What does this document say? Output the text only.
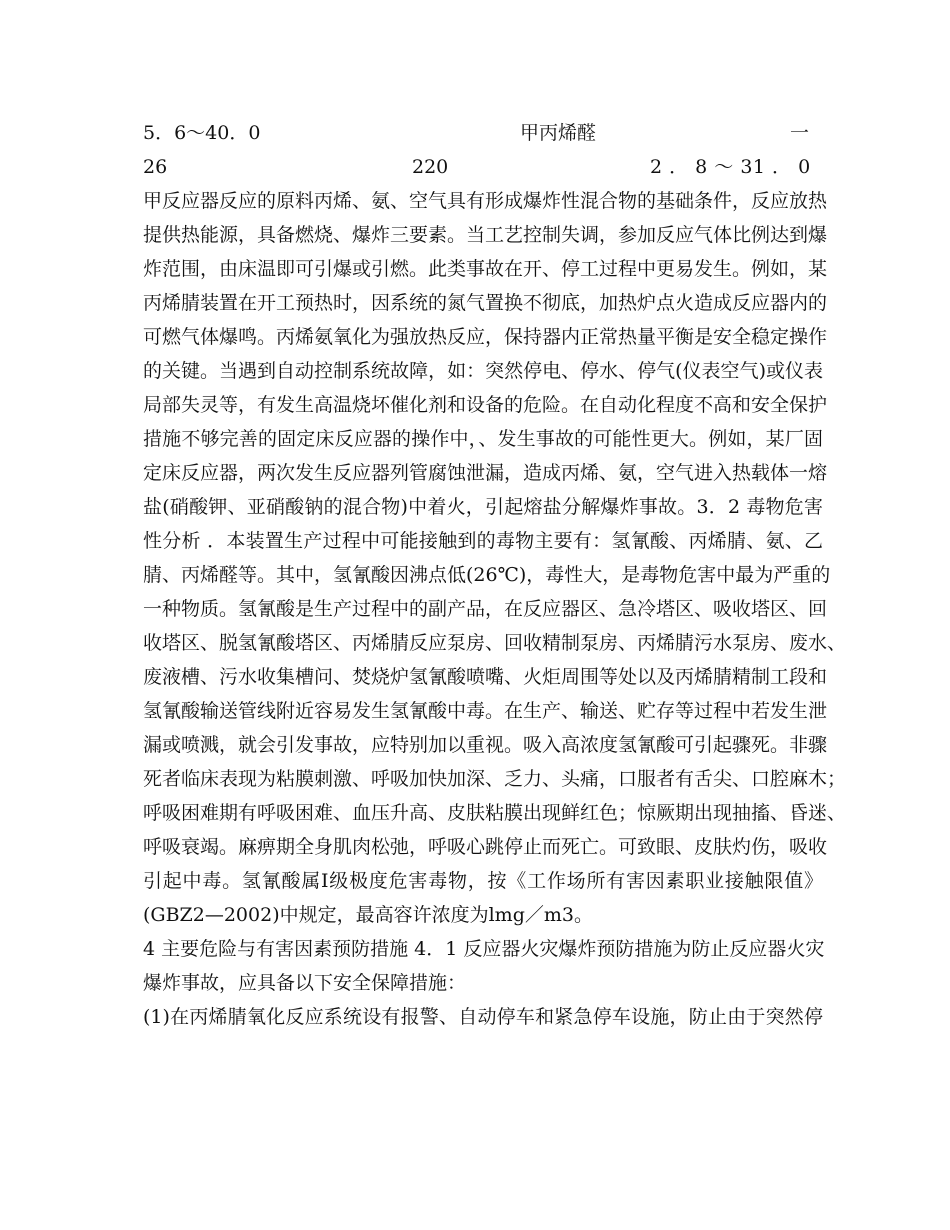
5．6～40．0	甲丙烯醛	一
26	220	2 ． 8 ～ 31 ． 0
甲反应器反应的原料丙烯、氨、空气具有形成爆炸性混合物的基础条件，反应放热
提供热能源，具备燃烧、爆炸三要素。当工艺控制失调，参加反应气体比例达到爆
炸范围，由床温即可引爆或引燃。此类事故在开、停工过程中更易发生。例如，某
丙烯腈装置在开工预热时，因系统的氮气置换不彻底，加热炉点火造成反应器内的
可燃气体爆鸣。丙烯氨氧化为强放热反应，保持器内正常热量平衡是安全稳定操作
的关键。当遇到自动控制系统故障，如：突然停电、停水、停气(仪表空气)或仪表
局部失灵等，有发生高温烧坏催化剂和设备的危险。在自动化程度不高和安全保护
措施不够完善的固定床反应器的操作中，、发生事故的可能性更大。例如，某厂固
定床反应器，两次发生反应器列管腐蚀泄漏，造成丙烯、氨，空气进入热载体一熔
盐(硝酸钾、亚硝酸钠的混合物)中着火，引起熔盐分解爆炸事故。3．2 毒物危害
性分析 ．本装置生产过程中可能接触到的毒物主要有：氢氰酸、丙烯腈、氨、乙
腈、丙烯醛等。其中，氢氰酸因沸点低(26℃)，毒性大，是毒物危害中最为严重的
一种物质。氢氰酸是生产过程中的副产品，在反应器区、急冷塔区、吸收塔区、回
收塔区、脱氢氰酸塔区、丙烯腈反应泵房、回收精制泵房、丙烯腈污水泵房、废水、
废液槽、污水收集槽问、焚烧炉氢氰酸喷嘴、火炬周围等处以及丙烯腈精制工段和
氢氰酸输送管线附近容易发生氢氰酸中毒。在生产、输送、贮存等过程中若发生泄
漏或喷溅，就会引发事故，应特别加以重视。吸入高浓度氢氰酸可引起骤死。非骤
死者临床表现为粘膜刺激、呼吸加快加深、乏力、头痛，口服者有舌尖、口腔麻木；
呼吸困难期有呼吸困难、血压升高、皮肤粘膜出现鲜红色；惊厥期出现抽搐、昏迷、
呼吸衰竭。麻痹期全身肌肉松弛，呼吸心跳停止而死亡。可致眼、皮肤灼伤，吸收
引起中毒。氢氰酸属Ⅰ级极度危害毒物，按《工作场所有害因素职业接触限值》
(GBZ2—2002)中规定，最高容许浓度为lmg／m3。
4 主要危险与有害因素预防措施 4．1 反应器火灾爆炸预防措施为防止反应器火灾
爆炸事故，应具备以下安全保障措施：
(1)在丙烯腈氧化反应系统设有报警、自动停车和紧急停车设施，防止由于突然停
